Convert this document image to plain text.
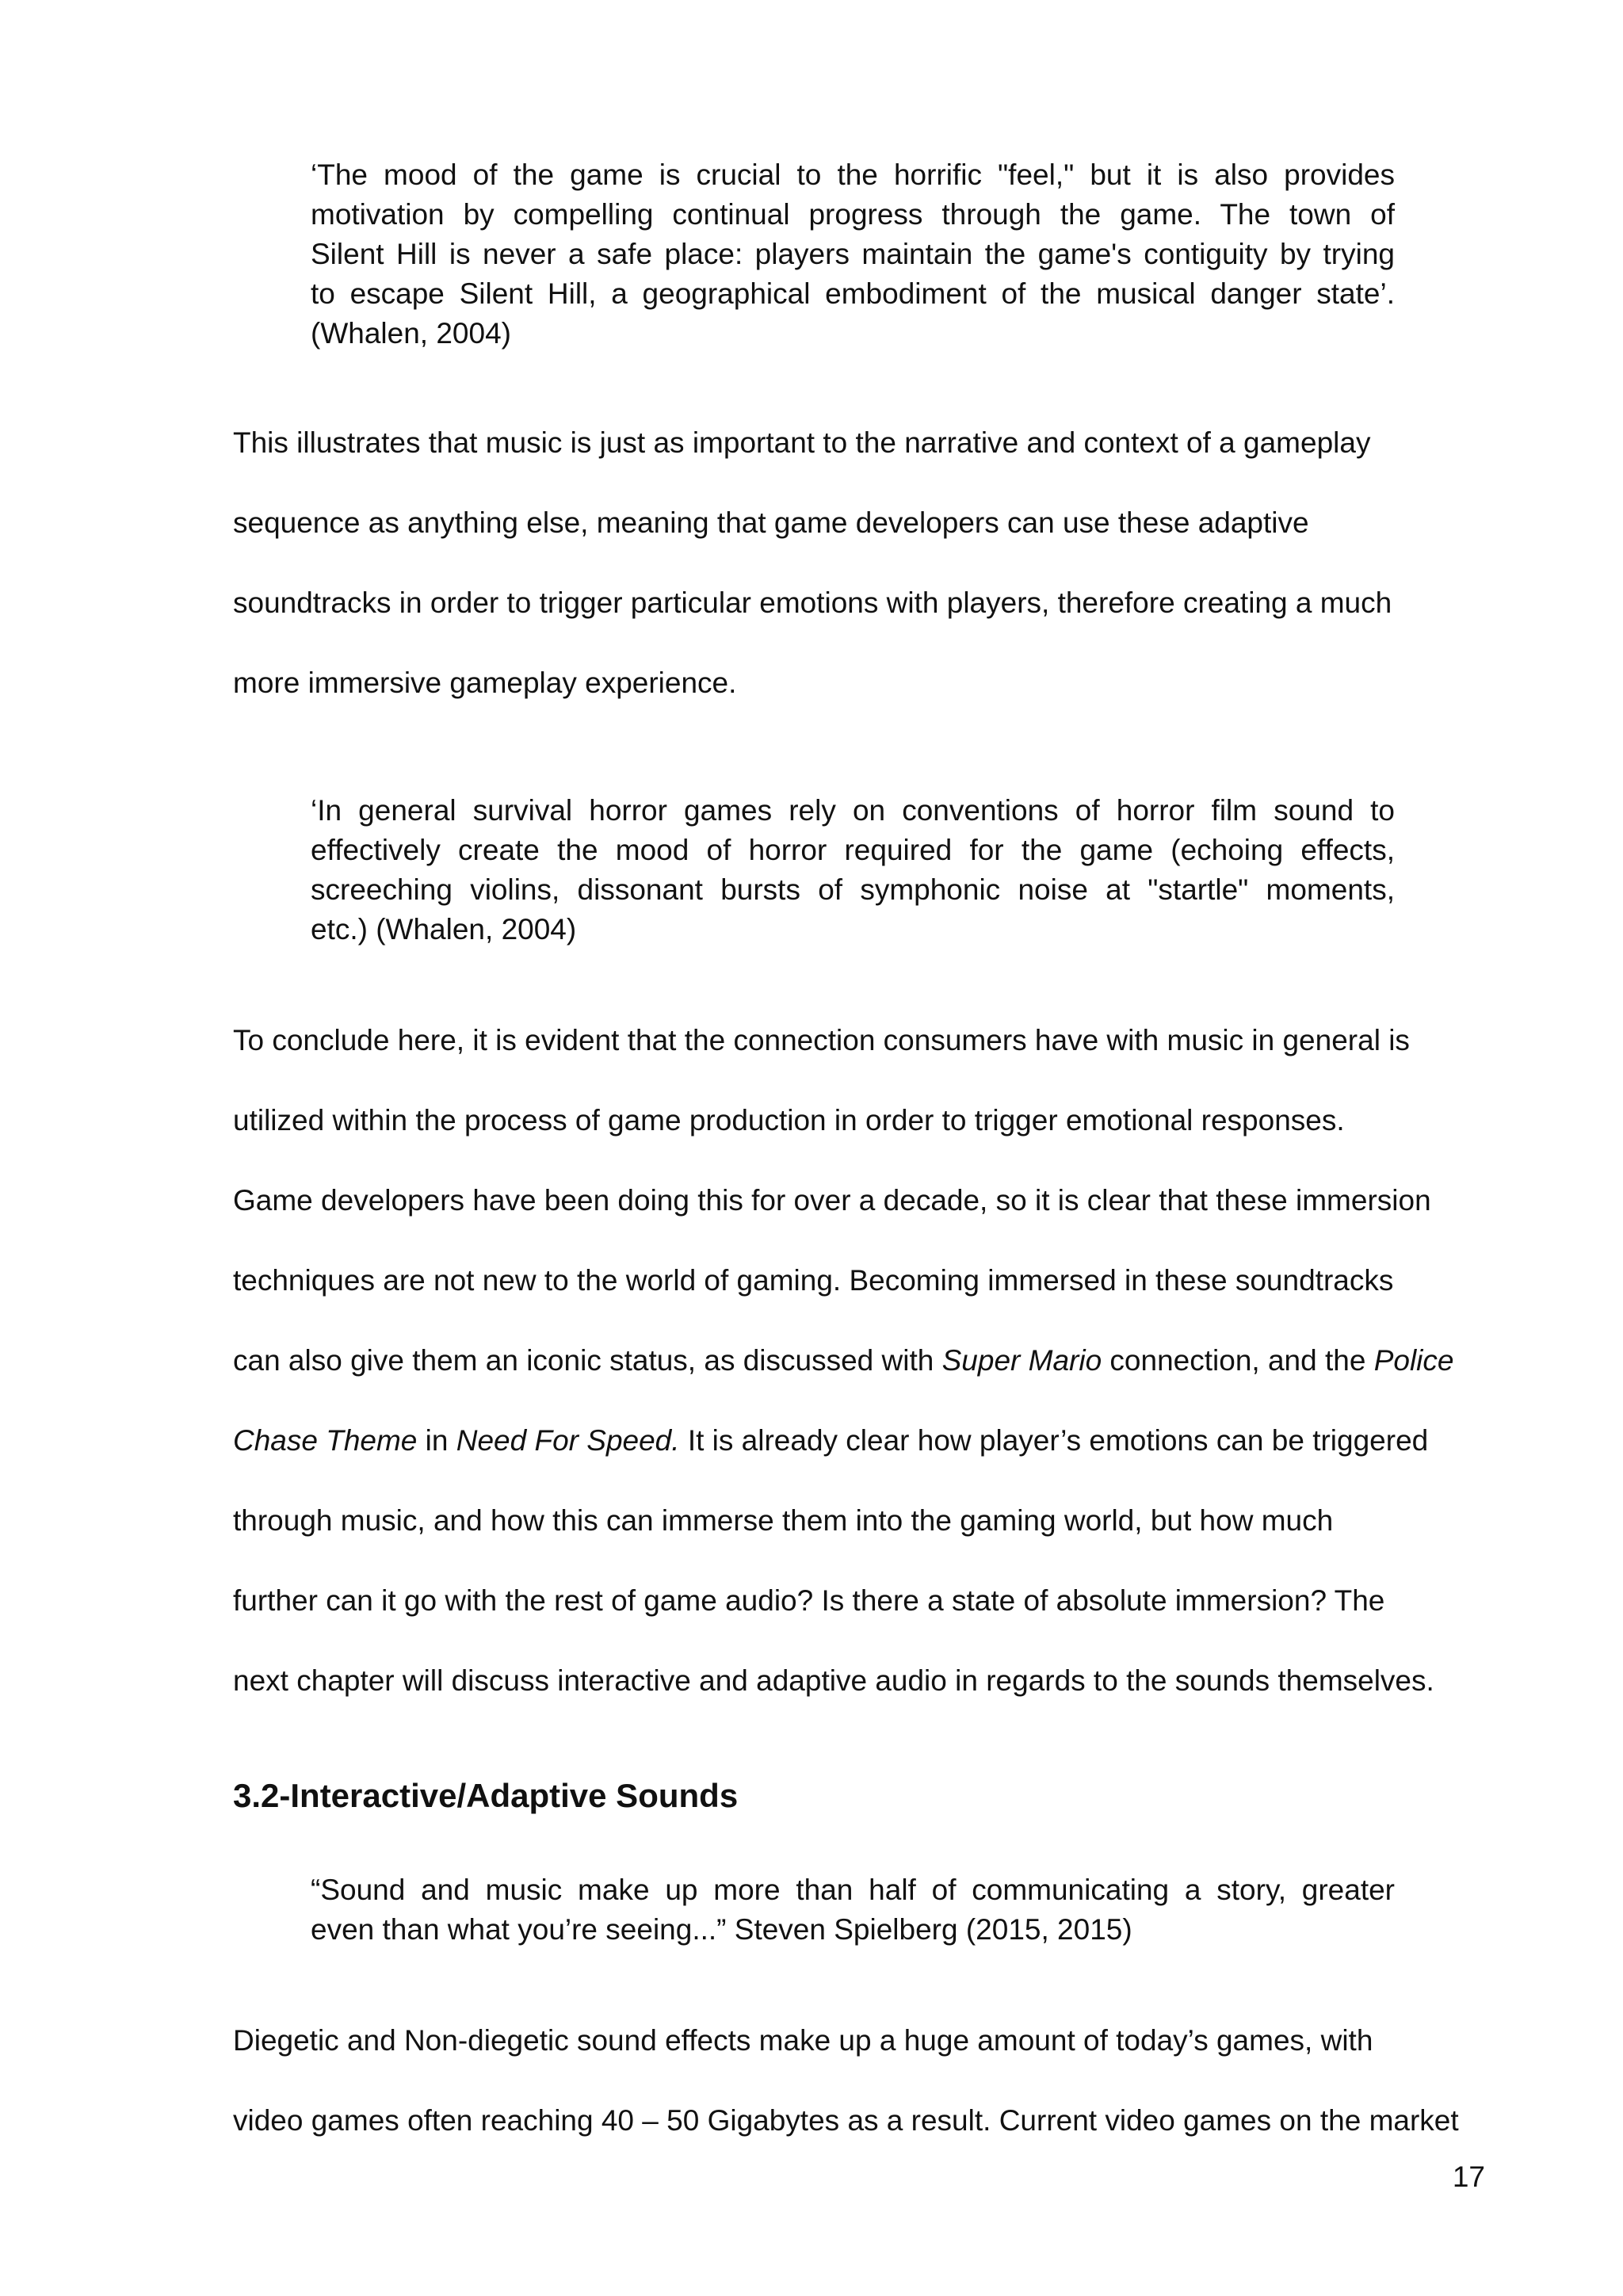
‘The mood of the game is crucial to the horrific "feel," but it is also provides

motivation by compelling continual progress through the game. The town of

Silent Hill is never a safe place: players maintain the game's contiguity by trying

to escape Silent Hill, a geographical embodiment of the musical danger state’.

(Whalen, 2004)

This illustrates that music is just as important to the narrative and context of a gameplay

sequence as anything else, meaning that game developers can use these adaptive

soundtracks in order to trigger particular emotions with players, therefore creating a much

more immersive gameplay experience.

‘In general survival horror games rely on conventions of horror film sound to

effectively create the mood of horror required for the game (echoing effects,

screeching violins, dissonant bursts of symphonic noise at "startle" moments,

etc.) (Whalen, 2004)

To conclude here, it is evident that the connection consumers have with music in general is

utilized within the process of game production in order to trigger emotional responses.

Game developers have been doing this for over a decade, so it is clear that these immersion

techniques are not new to the world of gaming. Becoming immersed in these soundtracks

can also give them an iconic status, as discussed with Super Mario connection, and the Police

Chase Theme in Need For Speed. It is already clear how player’s emotions can be triggered

through music, and how this can immerse them into the gaming world, but how much

further can it go with the rest of game audio? Is there a state of absolute immersion? The

next chapter will discuss interactive and adaptive audio in regards to the sounds themselves.

3.2-Interactive/Adaptive Sounds

“Sound and music make up more than half of communicating a story, greater

even than what you’re seeing...” Steven Spielberg (2015, 2015)

Diegetic and Non-diegetic sound effects make up a huge amount of today’s games, with

video games often reaching 40 – 50 Gigabytes as a result. Current video games on the market

17
